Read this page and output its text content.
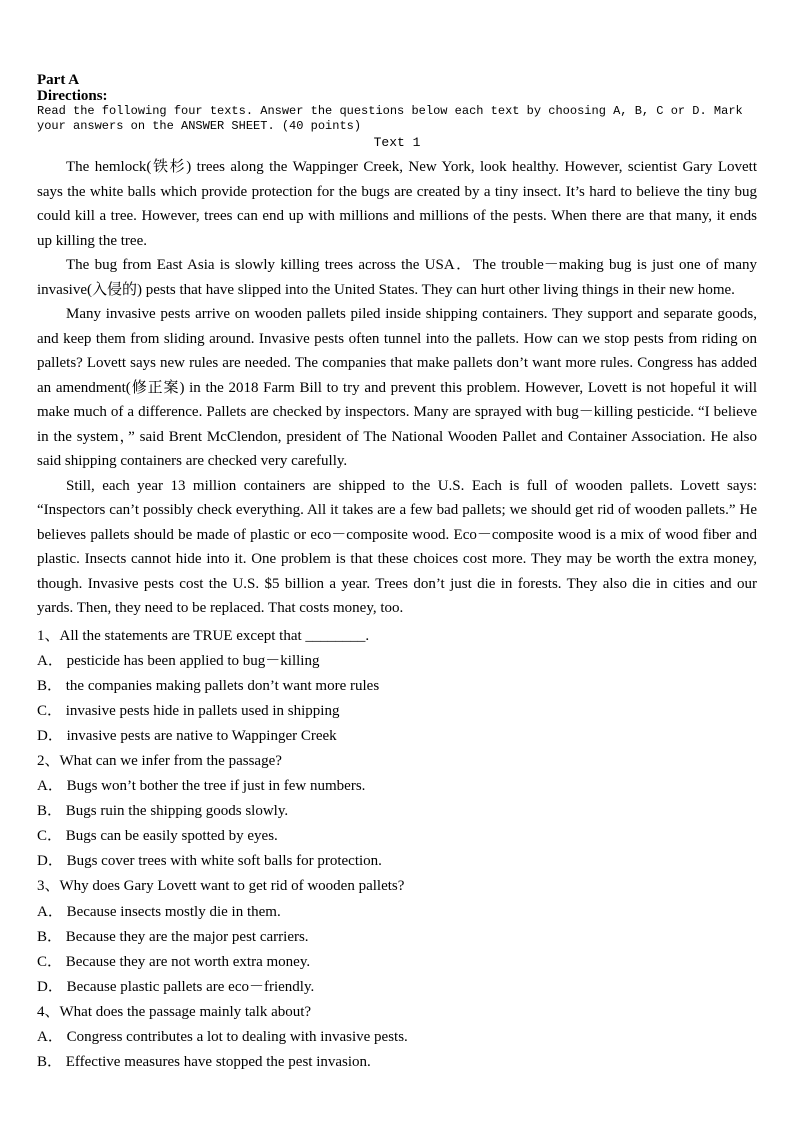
Part A
Directions:

Read the following four texts. Answer the questions below each text by choosing A, B, C or D. Mark your answers on the ANSWER SHEET. (40 points)

Text 1

The hemlock(铁杉) trees along the Wappinger Creek, New York, look healthy. However, scientist Gary Lovett says the white balls which provide protection for the bugs are created by a tiny insect. It’s hard to believe the tiny bug could kill a tree. However, trees can end up with millions and millions of the pests. When there are that many, it ends up killing the tree.

The bug from East Asia is slowly killing trees across the USA．The trouble－making bug is just one of many invasive(入侵的) pests that have slipped into the United States. They can hurt other living things in their new home.

Many invasive pests arrive on wooden pallets piled inside shipping containers. They support and separate goods, and keep them from sliding around. Invasive pests often tunnel into the pallets. How can we stop pests from riding on pallets? Lovett says new rules are needed. The companies that make pallets don’t want more rules. Congress has added an amendment(修正案) in the 2018 Farm Bill to try and prevent this problem. However, Lovett is not hopeful it will make much of a difference. Pallets are checked by inspectors. Many are sprayed with bug－killing pesticide. “I believe in the system，” said Brent McClendon, president of The National Wooden Pallet and Container Association. He also said shipping containers are checked very carefully.

Still, each year 13 million containers are shipped to the U.S. Each is full of wooden pallets. Lovett says: “Inspectors can’t possibly check everything. All it takes are a few bad pallets; we should get rid of wooden pallets.” He believes pallets should be made of plastic or eco－composite wood. Eco－composite wood is a mix of wood fiber and plastic. Insects cannot hide into it. One problem is that these choices cost more. They may be worth the extra money, though. Invasive pests cost the U.S. $5 billion a year. Trees don’t just die in forests. They also die in cities and our yards. Then, they need to be replaced. That costs money, too.

1、All the statements are TRUE except that ________.
A． pesticide has been applied to bug－killing
B． the companies making pallets don’t want more rules
C． invasive pests hide in pallets used in shipping
D． invasive pests are native to Wappinger Creek
2、What can we infer from the passage?
A． Bugs won’t bother the tree if just in few numbers.
B． Bugs ruin the shipping goods slowly.
C． Bugs can be easily spotted by eyes.
D． Bugs cover trees with white soft balls for protection.
3、Why does Gary Lovett want to get rid of wooden pallets?
A． Because insects mostly die in them.
B． Because they are the major pest carriers.
C． Because they are not worth extra money.
D． Because plastic pallets are eco－friendly.
4、What does the passage mainly talk about?
A． Congress contributes a lot to dealing with invasive pests.
B． Effective measures have stopped the pest invasion.
